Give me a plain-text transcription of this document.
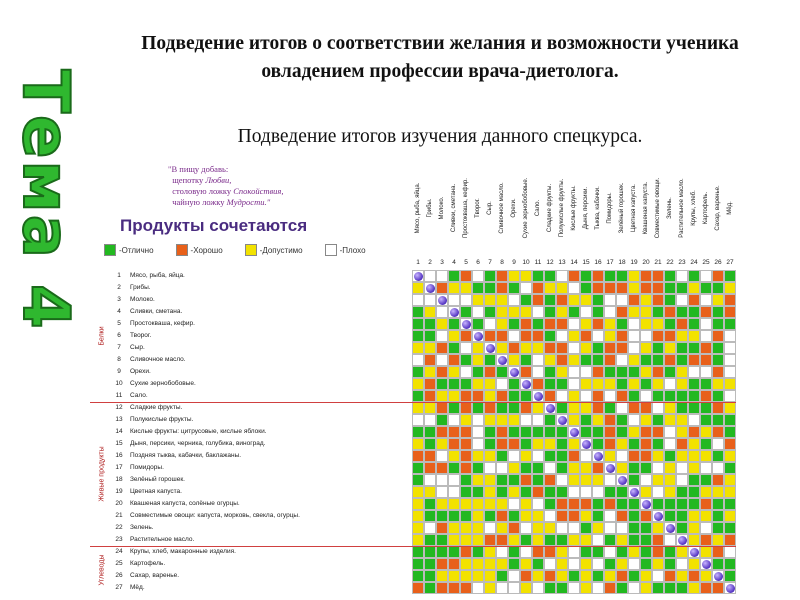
Тема 4
Подведение итогов о соответствии желания и возможности ученика овладением профессии врача-диетолога.
Подведение итогов изучения данного спецкурса.
"В пищу добавь:
щепотку Любви,
столовую ложку Спокойствия,
чайную ложку Мудрости."
Продукты сочетаются
-Отлично	-Хорошо	-Допустимо	-Плохо
Белки
Живые продукты
Углеводы
1	Мясо, рыба, яйца.
2	Грибы.
3	Молоко.
4	Сливки, сметана.
5	Простокваша, кефир.
6	Творог.
7	Сыр.
8	Сливочное масло.
9	Орехи.
10 Сухие зернобобовые.
11 Сало.
12 Сладкие фрукты.
13 Полукислые фрукты.
14 Кислые фрукты: цитрусовые, кислые яблоки.
15 Дыня, персики, черника, голубика, виноград.
16 Поздняя тыква, кабачки, баклажаны.
17 Помидоры.
18 Зелёный горошек.
19 Цветная капуста.
20 Квашеная капуста, солёные огурцы.
21 Совместимые овощи: капуста, морковь, свекла, огурцы.
22 Зелень.
23 Растительное масло.
24 Крупы, хлеб, макаронные изделия.
25 Картофель.
26 Сахар, варенье.
27 Мёд.
Мясо, рыба, яйца.
1
Грибы.
2
Молоко.
3
Сливки, сметана.
4
Простокваша, кефир.
5
Творог.
6
Сыр.
7
Сливочное масло.
8
Орехи.
9
Сухие зернобобовые.
10
Сало.
11
Сладкие фрукты.
12
Полукислые фрукты.
13
Кислые фрукты.
14
Дыня, персики.
15
Тыква, кабачки.
16
Помидоры.
17
Зелёный горошек.
18
Цветная капуста.
19
Квашеная капуста.
20
Совместимые овощи.
21
Зелень.
22
Растительное масло.
23
Крупы, хлеб.
24
Картофель.
25
Сахар, варенье.
26
Мёд.
27
